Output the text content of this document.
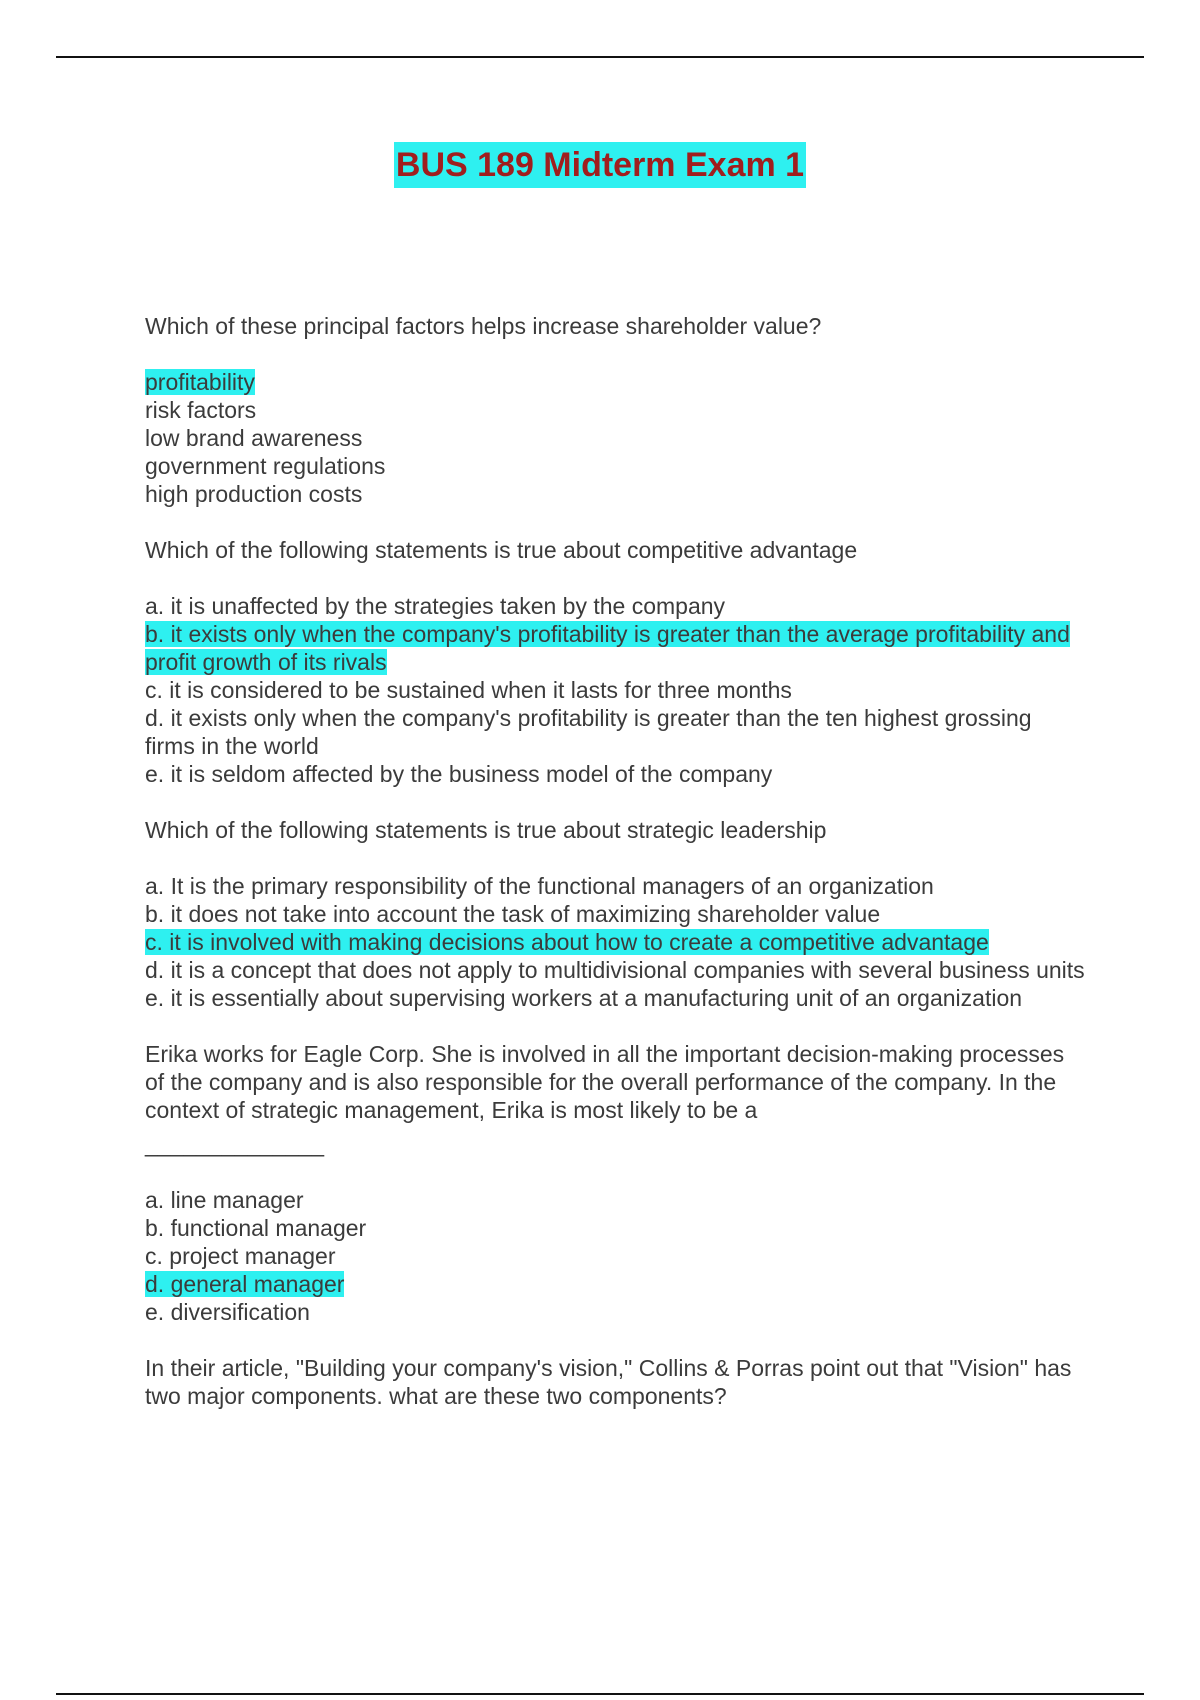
BUS 189 Midterm Exam 1
Which of these principal factors helps increase shareholder value?
profitability
risk factors
low brand awareness
government regulations
high production costs
Which of the following statements is true about competitive advantage
a. it is unaffected by the strategies taken by the company
b. it exists only when the company's profitability is greater than the average profitability and profit growth of its rivals
c. it is considered to be sustained when it lasts for three months
d. it exists only when the company's profitability is greater than the ten highest grossing firms in the world
e. it is seldom affected by the business model of the company
Which of the following statements is true about strategic leadership
a. It is the primary responsibility of the functional managers of an organization
b. it does not take into account the task of maximizing shareholder value
c. it is involved with making decisions about how to create a competitive advantage
d. it is a concept that does not apply to multidivisional companies with several business units
e. it is essentially about supervising workers at a manufacturing unit of an organization
Erika works for Eagle Corp. She is involved in all the important decision-making processes of the company and is also responsible for the overall performance of the company. In the context of strategic management, Erika is most likely to be a
______________
a. line manager
b. functional manager
c. project manager
d. general manager
e. diversification
In their article, "Building your company's vision," Collins & Porras point out that "Vision" has two major components. what are these two components?
